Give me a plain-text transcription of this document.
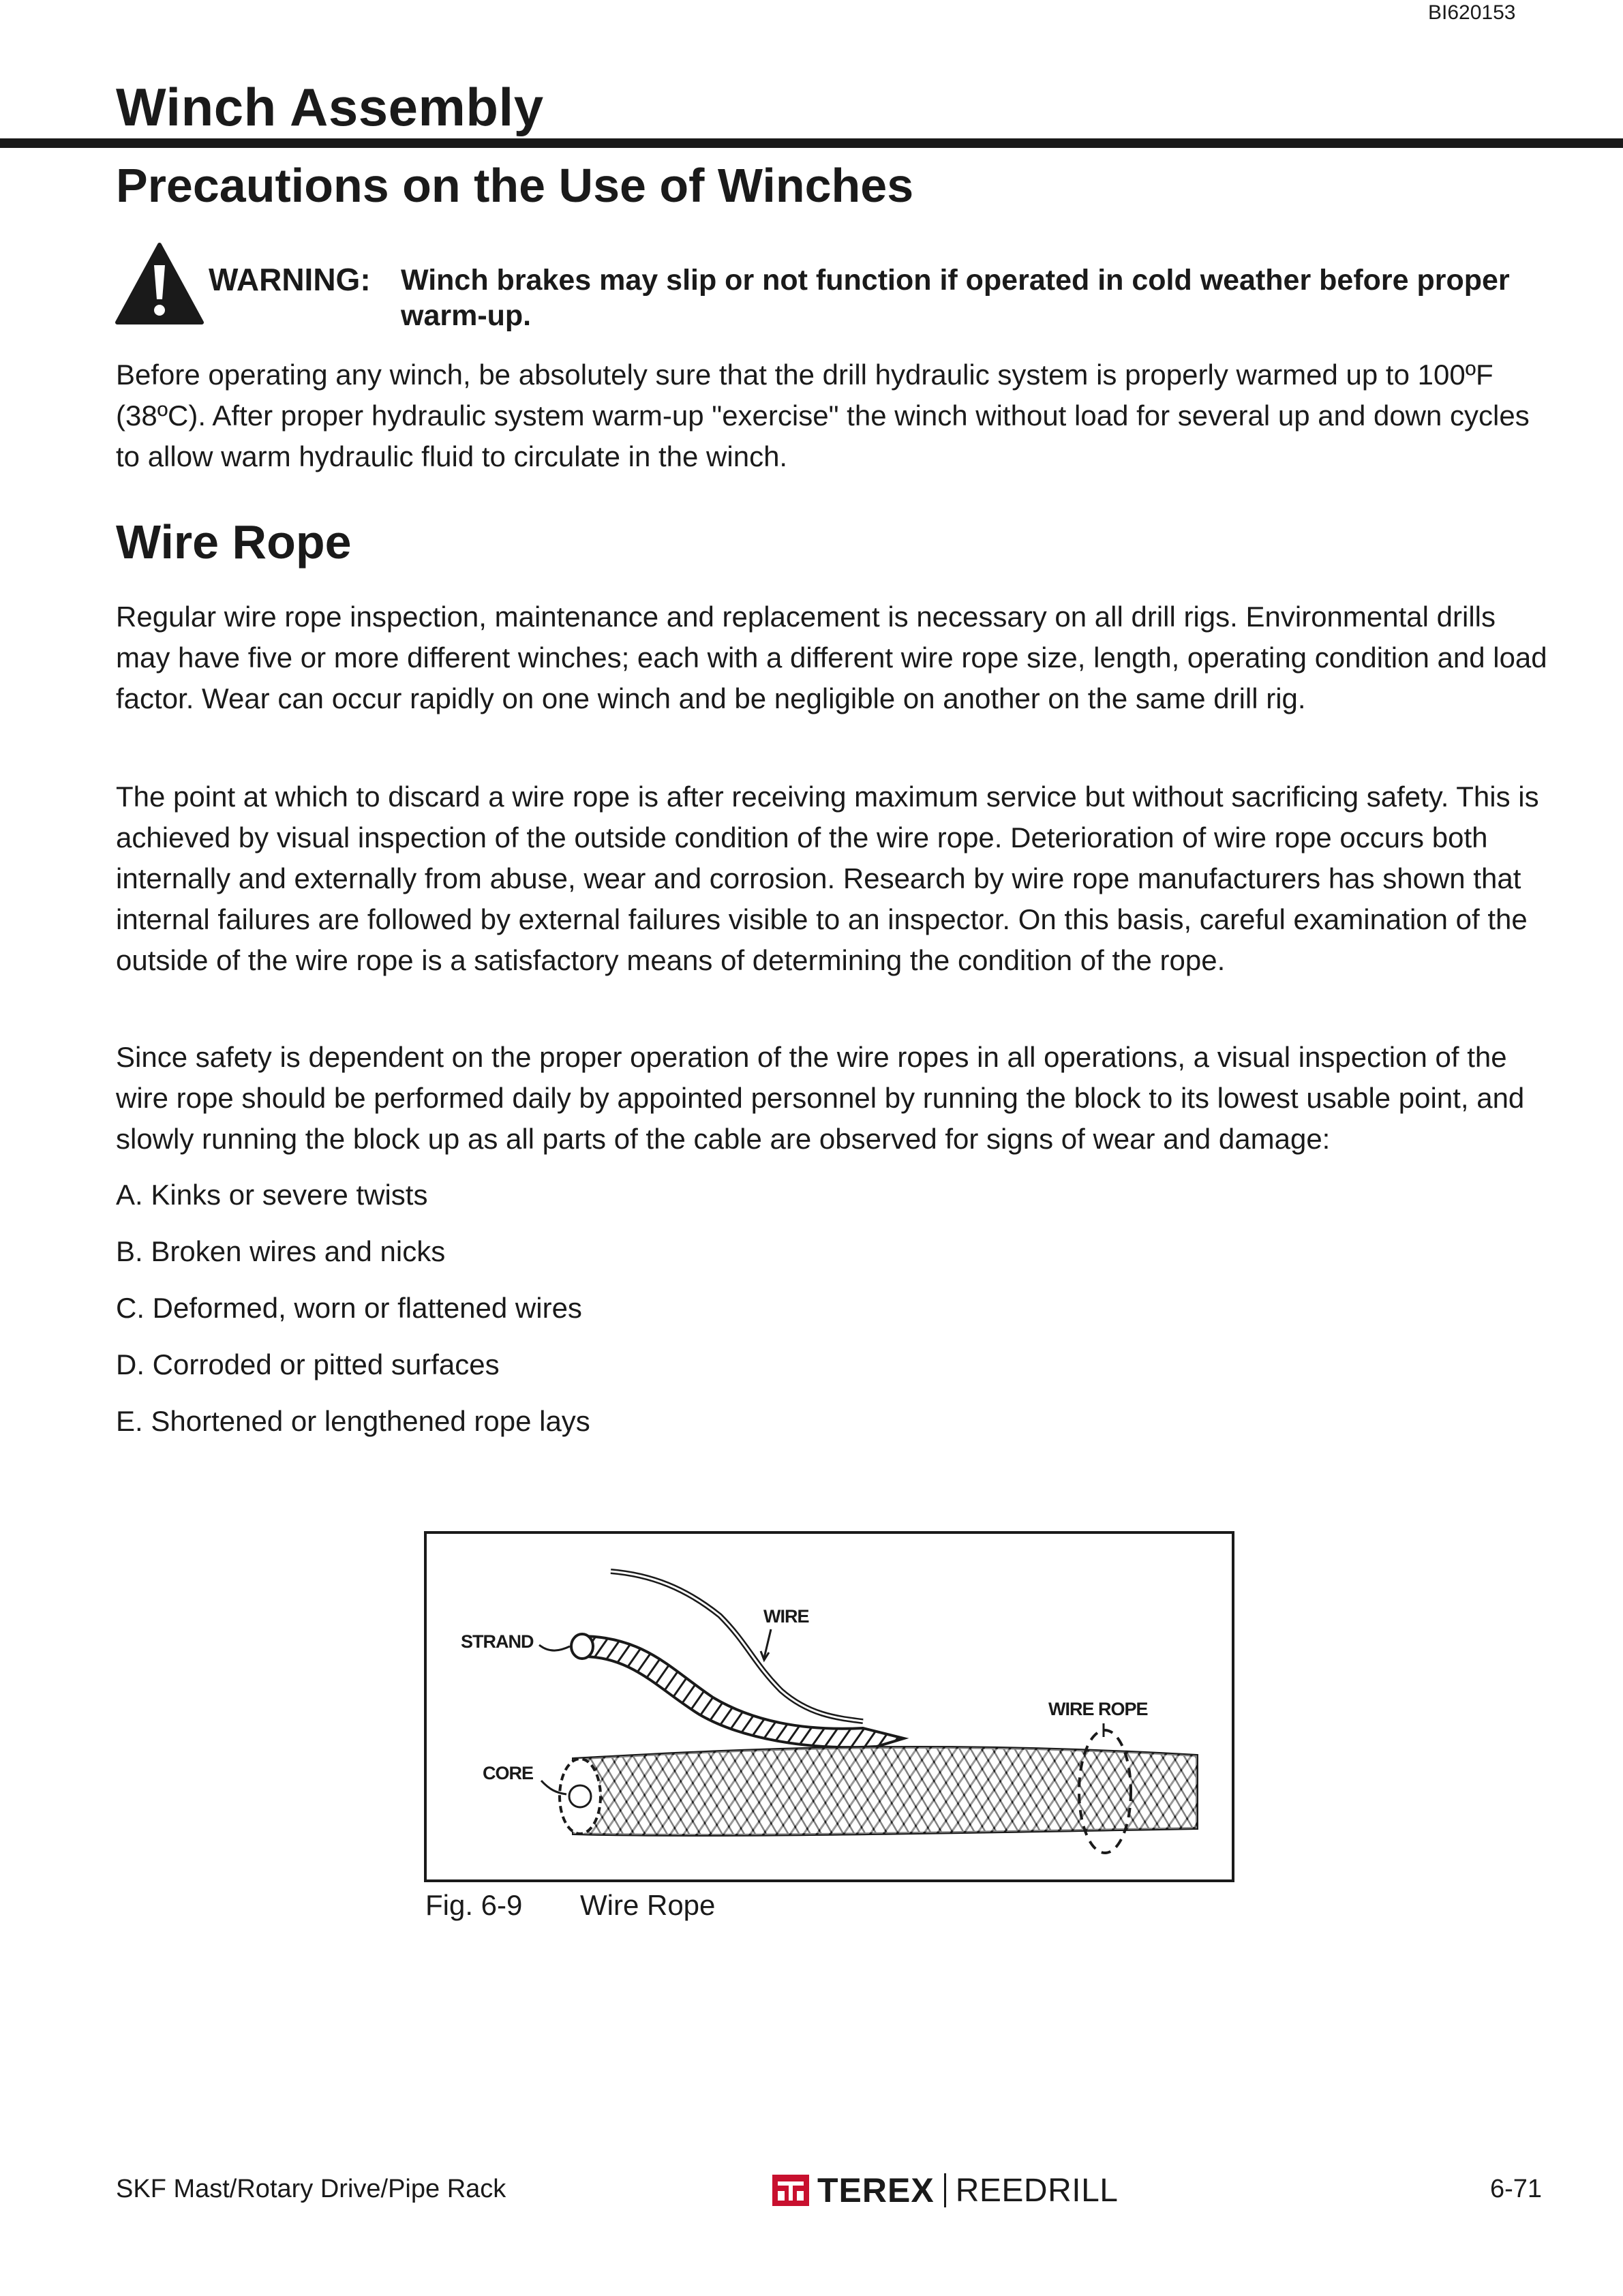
BI620153
Winch Assembly
Precautions on the Use of Winches
WARNING: Winch brakes may slip or not function if operated in cold weather before proper warm-up.
Before operating any winch, be absolutely sure that the drill hydraulic system is properly warmed up to 100ºF (38ºC). After proper hydraulic system warm-up "exercise" the winch without load for several up and down cycles to allow warm hydraulic fluid to circulate in the winch.
Wire Rope
Regular wire rope inspection, maintenance and replacement is necessary on all drill rigs. Environmental drills may have five or more different winches; each with a different wire rope size, length, operating condition and load factor. Wear can occur rapidly on one winch and be negligible on another on the same drill rig.
The point at which to discard a wire rope is after receiving maximum service but without sacrificing safety. This is achieved by visual inspection of the outside condition of the wire rope. Deterioration of wire rope occurs both internally and externally from abuse, wear and corrosion. Research by wire rope manufacturers has shown that internal failures are followed by external failures visible to an inspector. On this basis, careful examination of the outside of the wire rope is a satisfactory means of determining the condition of the rope.
Since safety is dependent on the proper operation of the wire ropes in all operations, a visual inspection of the wire rope should be performed daily by appointed personnel by running the block to its lowest usable point, and slowly running the block up as all parts of the cable are observed for signs of wear and damage:
A. Kinks or severe twists
B. Broken wires and nicks
C. Deformed, worn or flattened wires
D. Corroded or pitted surfaces
E. Shortened or lengthened rope lays
WIRE
STRAND
WIRE ROPE
CORE
Fig. 6-9 Wire Rope
SKF Mast/Rotary Drive/Pipe Rack	TEREX REEDRILL	6-71
